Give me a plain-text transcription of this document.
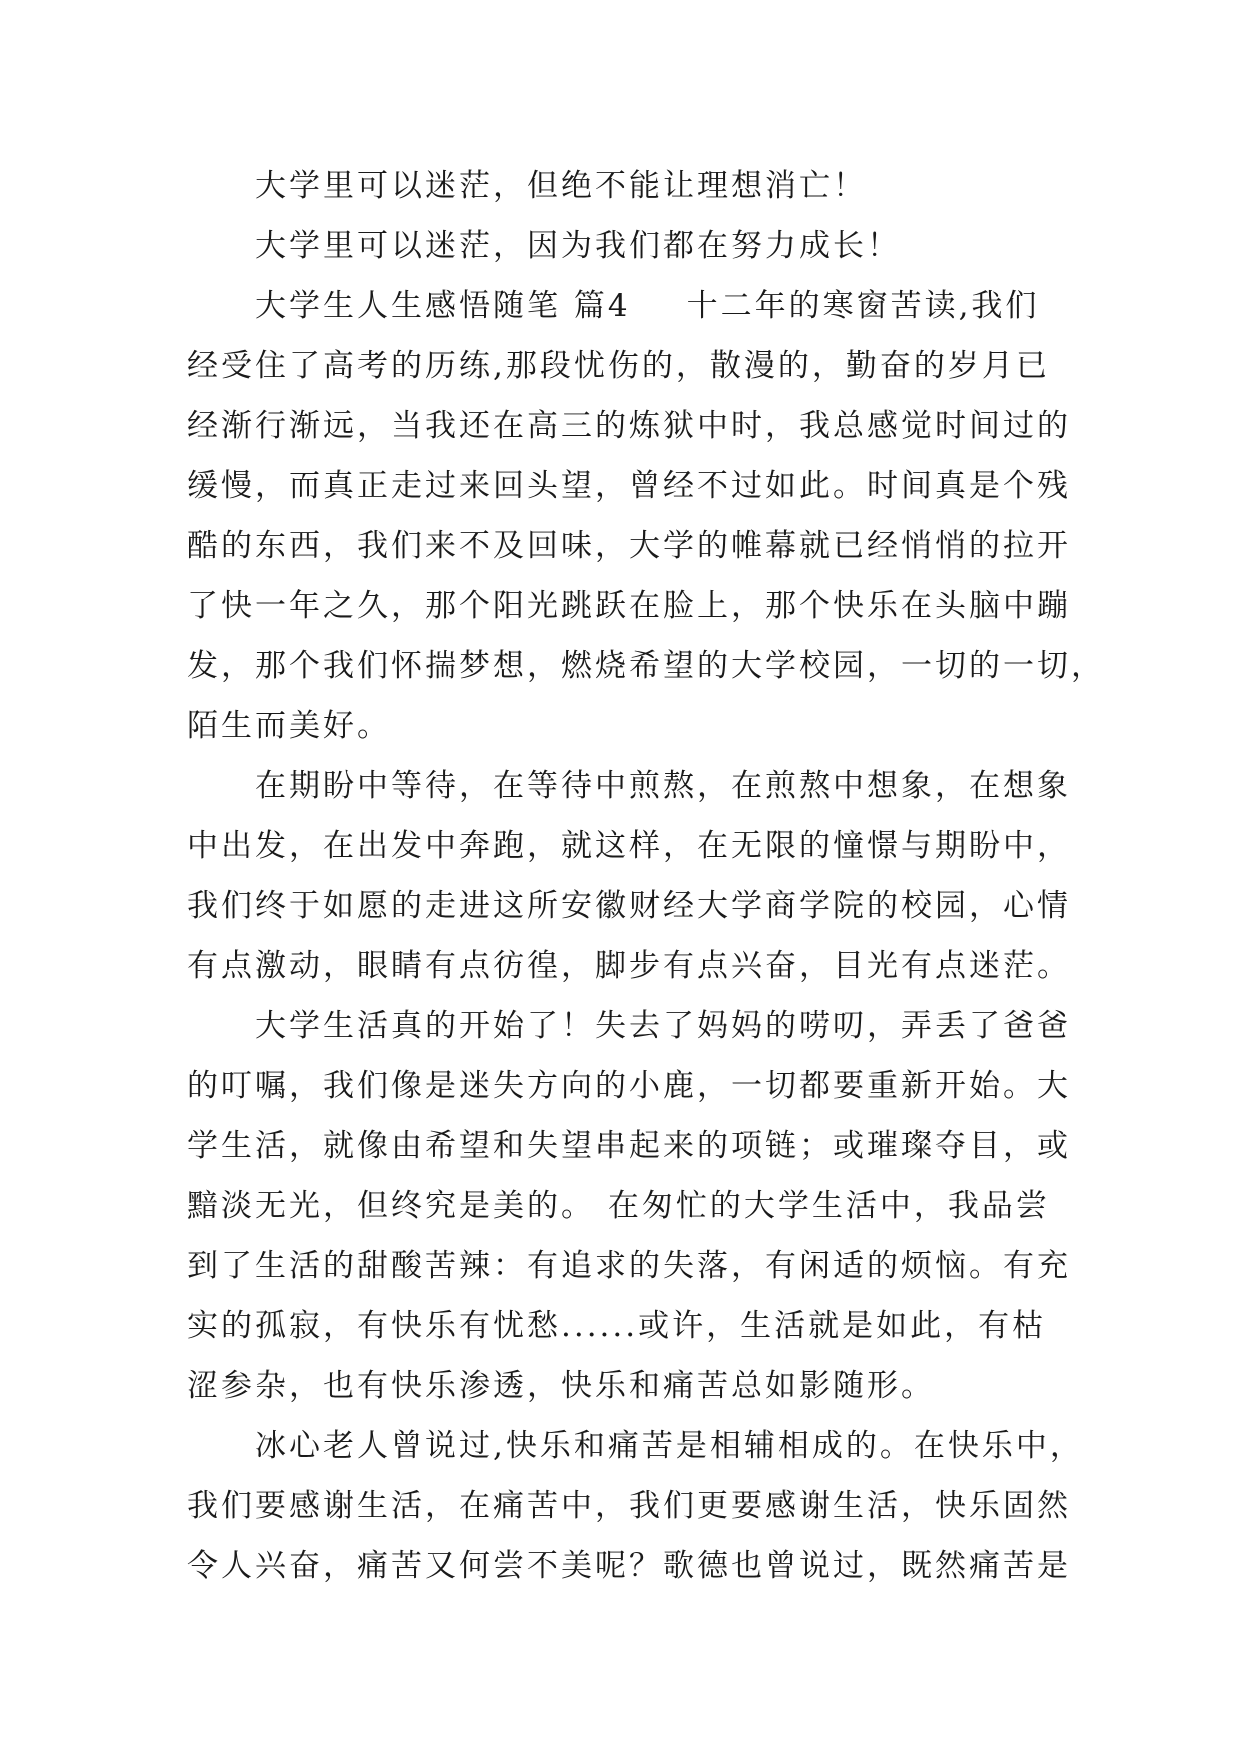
大学里可以迷茫，但绝不能让理想消亡！

大学里可以迷茫，因为我们都在努力成长！

大学生人生感悟随笔 篇4 十二年的寒窗苦读,我们
经受住了高考的历练,那段忧伤的，散漫的，勤奋的岁月已
经渐行渐远，当我还在高三的炼狱中时，我总感觉时间过的
缓慢，而真正走过来回头望，曾经不过如此。时间真是个残
酷的东西，我们来不及回味，大学的帷幕就已经悄悄的拉开
了快一年之久，那个阳光跳跃在脸上，那个快乐在头脑中蹦
发，那个我们怀揣梦想，燃烧希望的大学校园，一切的一切，
陌生而美好。

在期盼中等待，在等待中煎熬，在煎熬中想象，在想象
中出发，在出发中奔跑，就这样，在无限的憧憬与期盼中，
我们终于如愿的走进这所安徽财经大学商学院的校园，心情
有点激动，眼睛有点彷徨，脚步有点兴奋，目光有点迷茫。

大学生活真的开始了！失去了妈妈的唠叨，弄丢了爸爸
的叮嘱，我们像是迷失方向的小鹿，一切都要重新开始。大
学生活，就像由希望和失望串起来的项链；或璀璨夺目，或
黯淡无光，但终究是美的。 在匆忙的大学生活中，我品尝
到了生活的甜酸苦辣：有追求的失落，有闲适的烦恼。有充
实的孤寂，有快乐有忧愁......或许，生活就是如此，有枯
涩参杂，也有快乐渗透，快乐和痛苦总如影随形。

冰心老人曾说过,快乐和痛苦是相辅相成的。在快乐中，
我们要感谢生活，在痛苦中，我们更要感谢生活，快乐固然
令人兴奋，痛苦又何尝不美呢？歌德也曾说过，既然痛苦是
